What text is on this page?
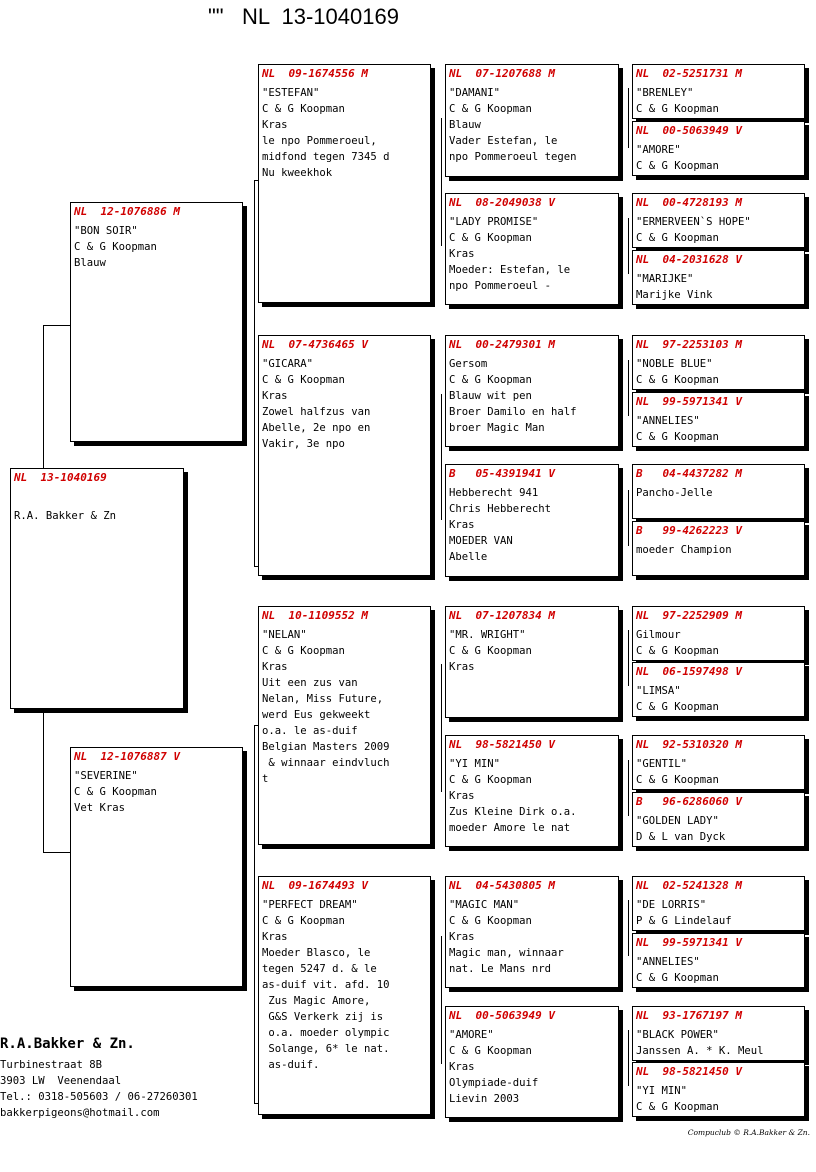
""   NL  13-1040169
NL  13-1040169

R.A. Bakker & Zn
NL  12-1076886 M
"BON SOIR"
C & G Koopman
Blauw
NL  12-1076887 V
"SEVERINE"
C & G Koopman
Vet Kras
NL  09-1674556 M
"ESTEFAN"
C & G Koopman
Kras
le npo Pommeroeul,
midfond tegen 7345 d
Nu kweekhok
NL  07-4736465 V
"GICARA"
C & G Koopman
Kras
Zowel halfzus van
Abelle, 2e npo en
Vakir, 3e npo
NL  10-1109552 M
"NELAN"
C & G Koopman
Kras
Uit een zus van
Nelan, Miss Future,
werd Eus gekweekt
o.a. le as-duif
Belgian Masters 2009
& winnaar eindvluch
t
NL  09-1674493 V
"PERFECT DREAM"
C & G Koopman
Kras
Moeder Blasco, le
tegen 5247 d. & le
as-duif vit. afd. 10
Zus Magic Amore,
G&S Verkerk zij is
o.a. moeder olympic
Solange, 6* le nat.
as-duif.
NL  07-1207688 M
"DAMANI"
C & G Koopman
Blauw
Vader Estefan, le
npo Pommeroeul tegen
NL  08-2049038 V
"LADY PROMISE"
C & G Koopman
Kras
Moeder: Estefan, le
npo Pommeroeul -
NL  00-2479301 M
Gersom
C & G Koopman
Blauw wit pen
Broer Damilo en half
broer Magic Man
B   05-4391941 V
Hebberecht 941
Chris Hebberecht
Kras
MOEDER VAN
Abelle
NL  07-1207834 M
"MR. WRIGHT"
C & G Koopman
Kras
NL  98-5821450 V
"YI MIN"
C & G Koopman
Kras
Zus Kleine Dirk o.a.
moeder Amore le nat
NL  04-5430805 M
"MAGIC MAN"
C & G Koopman
Kras
Magic man, winnaar
nat. Le Mans nrd
NL  00-5063949 V
"AMORE"
C & G Koopman
Kras
Olympiade-duif
Lievin 2003
NL  02-5251731 M
"BRENLEY"
C & G Koopman
NL  00-5063949 V
"AMORE"
C & G Koopman
NL  00-4728193 M
"ERMERVEEN`S HOPE"
C & G Koopman
NL  04-2031628 V
"MARIJKE"
Marijke Vink
NL  97-2253103 M
"NOBLE BLUE"
C & G Koopman
NL  99-5971341 V
"ANNELIES"
C & G Koopman
B   04-4437282 M
Pancho-Jelle
B   99-4262223 V
moeder Champion
NL  97-2252909 M
Gilmour
C & G Koopman
NL  06-1597498 V
"LIMSA"
C & G Koopman
NL  92-5310320 M
"GENTIL"
C & G Koopman
B   96-6286060 V
"GOLDEN LADY"
D & L van Dyck
NL  02-5241328 M
"DE LORRIS"
P & G Lindelauf
NL  99-5971341 V
"ANNELIES"
C & G Koopman
NL  93-1767197 M
"BLACK POWER"
Janssen A. * K. Meul
NL  98-5821450 V
"YI MIN"
C & G Koopman
R.A.Bakker & Zn.
Turbinestraat 8B
3903 LW  Veenendaal
Tel.: 0318-505603 / 06-27260301
bakkerpigeons@hotmail.com
Compuclub © R.A.Bakker & Zn.
